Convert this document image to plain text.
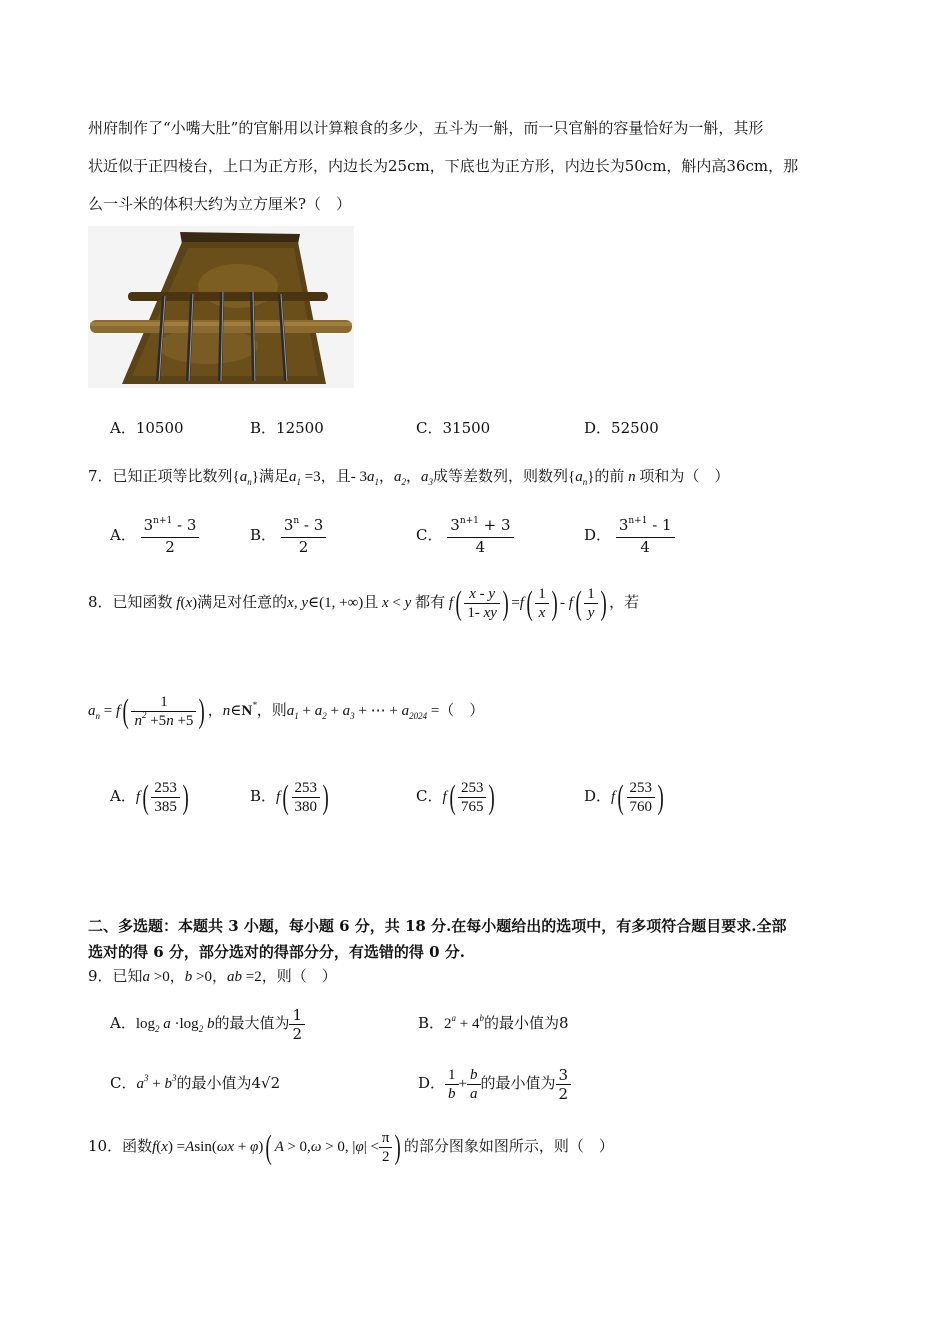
州府制作了“小嘴大肚”的官斛用以计算粮食的多少，五斗为一斛，而一只官斛的容量恰好为一斛，其形
状近似于正四棱台，上口为正方形，内边长为25cm，下底也为正方形，内边长为50cm，斛内高36cm，那
么一斗米的体积大约为立方厘米?（　）
A．10500	B．12500	C．31500	D．52500
7．已知正项等比数列$\{a_n\}$满足$a_1 =3$，且- $3a_1$，$a_2$，$a_3$成等差数列，则数列$\{a_n\}$的前 n 项和为（　）
A． $\frac{3^{n+1} - 3}{2}$	B． $\frac{3^n - 3}{2}$	C． $\frac{3^{n+1} + 3}{4}$	D． $\frac{3^{n+1} - 1}{4}$
8．已知函数 f(x)满足对任意的x, y∈(1, +∞)且 x < y 都有 $f( \frac{x - y}{1- xy}$ ) $=f( \frac{1}{x}$ ) - $f( \frac{1}{y}$ ) ，若
$a_n = f( \frac{1}{n^2 +5n +5}$ ) ，n∈N*，则$a_1 + a_2 + a_3$ + ⋯ + $a_{2024}$ =（　）
A．$f( \frac{253}{385}$ )	B．$f( \frac{253}{380}$ )	C．$f( \frac{253}{765}$ )	D．$f( \frac{253}{760}$ )
二、多选题：本题共 3 小题，每小题 6 分，共 18 分.在每小题给出的选项中，有多项符合题目要求.全部
选对的得 6 分，部分选对的得部分分，有选错的得 0 分.
9．已知a >0，b >0，ab =2，则（　）
A．$\log_2 a \cdot\log_2$ b的最大值为 $\frac{1}{2}$	B．$2^a + 4^b$的最小值为8
C．$a^3 + b^3$的最小值为4√2	D． $\frac{1}{b} + \frac{b}{a}$ 的最小值为 $\frac{3}{2}$
10．函数f(x) =Asin(ωx + φ)( A > 0,ω > 0, $|\varphi| < \frac{\pi}{2}$ ) 的部分图象如图所示，则（　）
